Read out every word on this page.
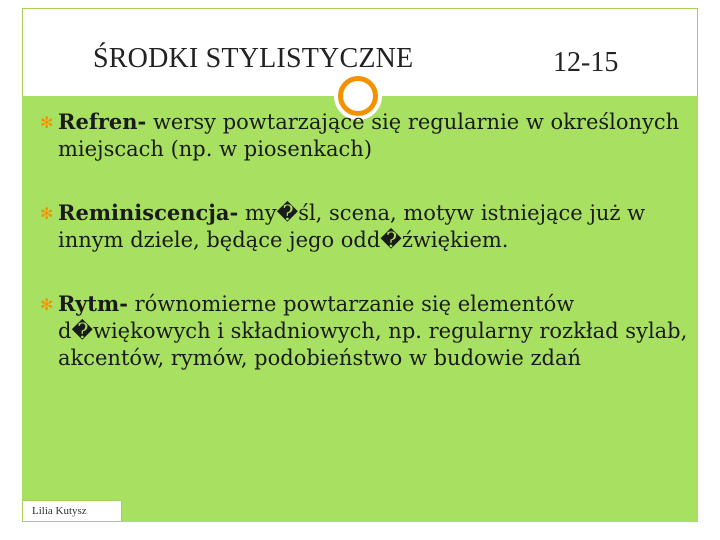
ŚRODKI STYLISTYCZNE	12-15
✻ Refren- wersy powtarzające się regularnie w określonych miejscach (np. w piosenkach)
✻ Reminiscencja- my�śl, scena, motyw istniejące już w innym dziele, będące jego odd�źwiękiem.
✻ Rytm- równomierne powtarzanie się elementów d�więkowych i składniowych, np. regularny rozkład sylab, akcentów, rymów, podobieństwo w budowie zdań
Lilia Kutysz
